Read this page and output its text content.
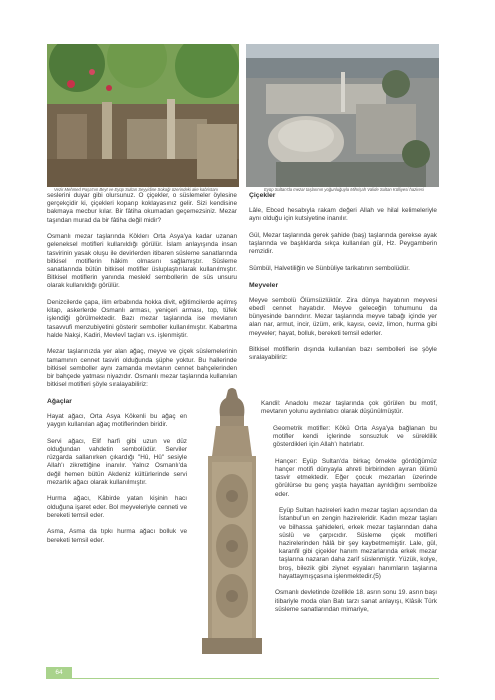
Vezir Mehmed Paşa'nın Beyt ve Eyüp Sultan Seyyidine Sokağı üzerindeki ake kabristanı	Eyüp Sultan'da mezar taşlarının yoğunluğuyla Mihrişah Valide Sultan Külliyesi haziresi

seslerini duyar gibi olursunuz. O çiçekler, o süslemeler öylesine gerçekçidir ki, çiçekleri koparıp koklayasınız gelir. Sizi kendisine bakmaya mecbur kılar. Bir fâtiha okumadan geçemezsiniz. Mezar taşından murad da bir fâtiha değil midir?

Osmanlı mezar taşlarında Köklerı Orta Asya'ya kadar uzanan geleneksel motifleri kullanıldığı görülür. İslam anlayışında insan tasvirinin yasak oluşu ile devirlerden itibaren süsleme sanatlarında bitkisel motiflerin hâkim olmasını sağlamıştır. Süsleme sanatlarında bütün bitkisel motifler üsluplaştırılarak kullanılmıştır. Bitkisel motiflerin yanında meslekî sembollerin de süs unsuru olarak kullanıldığı görülür.

Denizcilerde çapa, ilim erbabında hokka divit, eğitimcilerde açılmış kitap, askerlerde Osmanlı arması, yeniçeri arması, top, tüfek işlendiği görülmektedir. Bazı mezar taşlarında ise mevlanın tasavvufi menzubiyetini gösterir semboller kullanılmıştır. Kabartma halde Nakşi, Kadiri, Mevlevî taçları v.s. işlenmiştir.

Mezar taşlarınızda yer alan ağaç, meyve ve çiçek süslemelerinin tamamının cennet tasviri olduğunda şüphe yoktur. Bu hallerinde bitkisel semboller aynı zamanda mevtanın cennet bahçelerinden bir bahçede yatması niyazıdır. Osmanlı mezar taşlarında kullanılan bitkisel motifleri şöyle sıralayabiliriz:

Ağaçlar

Hayat ağacı, Orta Asya Kökenli bu ağaç en yaygın kullanılan ağaç motiflerinden biridir.

Servi ağacı, Elif harfi gibi uzun ve düz olduğundan vahdetin sembolüdür. Serviler rüzgarda sallanırken çıkardığı "Hû, Hû" sesiyle Allah'ı zikrettiğine inanılır. Yalnız Osmanlı'da değil hemen bütün Akdeniz kültürlerinde servi mezarlık ağacı olarak kullanılmıştır.

Hurma ağacı, Kâbirde yatan kişinin hacı olduğuna işaret eder. Bol meyveleriyle cenneti ve bereketi temsil eder.

Asma, Asma da tıpkı hurma ağacı bolluk ve bereketi temsil eder.

Çiçekler

Lâle, Ebced hesabıyla rakam değeri Allah ve hilal kelimeleriyle aynı olduğu için kutsiyetine inanılır.

Gül, Mezar taşlarında gerek şahide (baş) taşlarında gerekse ayak taşlarında ve başlıklarda sıkça kullanılan gül, Hz. Peygamberin remzidir.

Sümbül, Halvetiliğin ve Sünbüliye tarikatının sembolüdür.

Meyveler

Meyve sembolü Ölümsüzlüktür. Zira dünya hayatının meyvesi ebedî cennet hayatıdır. Meyve geleceğin tohumunu da bünyesinde barındırır. Mezar taşlarında meyve tabağı içinde yer alan nar, armut, incir, üzüm, erik, kayısı, ceviz, limon, hurma gibi meyveler; hayat, bolluk, bereketi temsil ederler.

Bitkisel motiflerin dışında kullanılan bazı sembolleri ise şöyle sıralayabiliriz:

Kandil: Anadolu mezar taşlarında çok görülen bu motif, mevtanın yolunu aydınlatıcı olarak düşünülmüştür.

Geometrik motifler: Kökü Orta Asya'ya bağlanan bu motifler kendi içlerinde sonsuzluk ve süreklilik gösterdikleri için Allah'ı hatırlatır.

Hançer: Eyüp Sultan'da birkaç örnekte gördüğümüz hançer motifi dünyayla ahreti birbirinden ayıran ölümü tasvir etmektedir. Eğer çocuk mezarları üzerinde görülürse bu genç yaşta hayattan ayrıldığını sembolize eder.

Eyüp Sultan hazireleri kadın mezar taşları açısından da İstanbul'un en zengin hazireleridir. Kadın mezar taşları ve bilhassa şahideleri, erkek mezar taşlarından daha süslü ve çarpıcıdır. Süsleme çiçek motifleri hazirelerinden hâlâ bir şey kaybetmemiştir. Lale, gül, karanfil gibi çiçekler hanım mezarlarında erkek mezar taşlarına nazaran daha zarif süslenmiştir. Yüzük, kolye, broş, bilezik gibi ziynet eşyaları hanımların taşlarına hayattaymışçasına işlenmektedir.(5)

Osmanlı devletinde özellikle 18. asrın sonu 19. asrın başı itibariyle moda olan Batı tarzı sanat anlayışı, Klâsik Türk süsleme sanatlarından mimariye,

64
